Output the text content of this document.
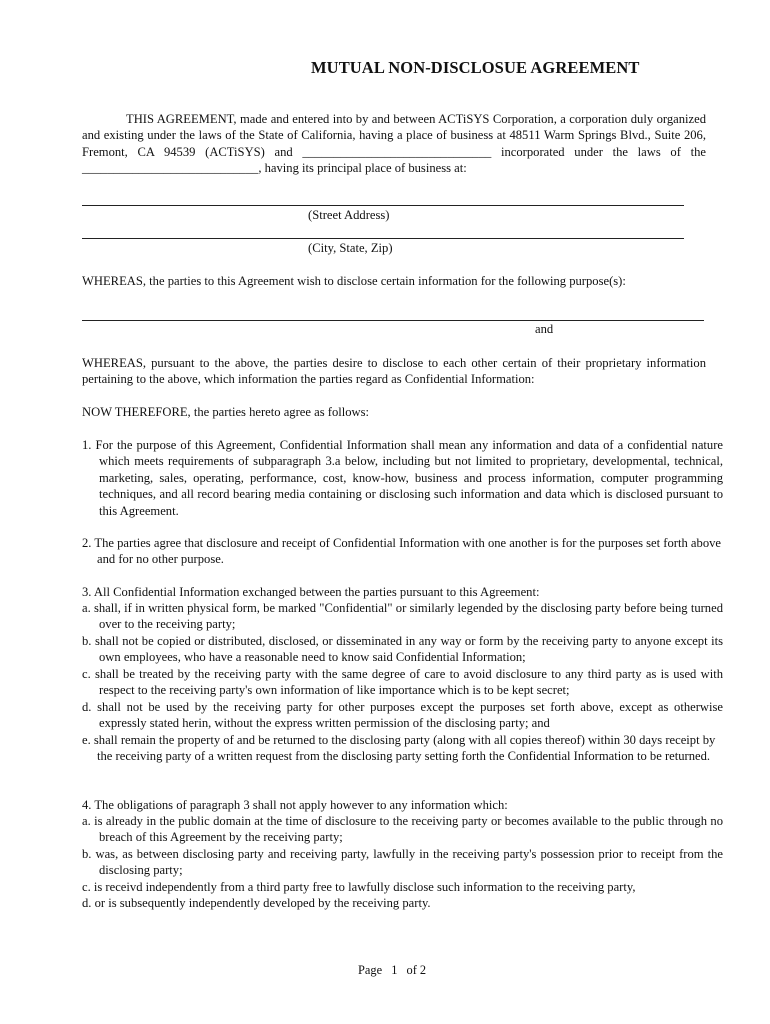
MUTUAL NON-DISCLOSUE AGREEMENT
THIS AGREEMENT, made and entered into by and between ACTiSYS Corporation, a corporation duly organized and existing under the laws of the State of California, having a place of business at 48511 Warm Springs Blvd., Suite 206, Fremont, CA 94539 (ACTiSYS) and ______________________________ incorporated under the laws of the ____________________________, having its principal place of business at:
(Street Address)
(City, State, Zip)
WHEREAS, the parties to this Agreement wish to disclose certain information for the following purpose(s):
and
WHEREAS, pursuant to the above, the parties desire to disclose to each other certain of their proprietary information pertaining to the above, which information the parties regard as Confidential Information:
NOW THEREFORE, the parties hereto agree as follows:
1. For the purpose of this Agreement, Confidential Information shall mean any information and data of a confidential nature which meets requirements of subparagraph 3.a below, including but not limited to proprietary, developmental, technical, marketing, sales, operating, performance, cost, know-how, business and process information, computer programming techniques, and all record bearing media containing or disclosing such information and data which is disclosed pursuant to this Agreement.
2. The parties agree that disclosure and receipt of Confidential Information with one another is for the purposes set forth above and for no other purpose.
3. All Confidential Information exchanged between the parties pursuant to this Agreement:
a. shall, if in written physical form, be marked "Confidential" or similarly legended by the disclosing party before being turned over to the receiving party;
b. shall not be copied or distributed, disclosed, or disseminated in any way or form by the receiving party to anyone except its own employees, who have a reasonable need to know said Confidential Information;
c. shall be treated by the receiving party with the same degree of care to avoid disclosure to any third party as is used with respect to the receiving party's own information of like importance which is to be kept secret;
d. shall not be used by the receiving party for other purposes except the purposes set forth above, except as otherwise expressly stated herin, without the express written permission of the disclosing party; and
e. shall remain the property of and be returned to the disclosing party (along with all copies thereof) within 30 days receipt by the receiving party of a written request from the disclosing party setting forth the Confidential Information to be returned.
4. The obligations of paragraph 3 shall not apply however to any information which:
a. is already in the public domain at the time of disclosure to the receiving party or becomes available to the public through no breach of this Agreement by the receiving party;
b. was, as between disclosing party and receiving party, lawfully in the receiving party's possession prior to receipt from the disclosing party;
c. is receivd independently from a third party free to lawfully disclose such information to the receiving party,
d. or is subsequently independently developed by the receiving party.
Page 1 of 2
